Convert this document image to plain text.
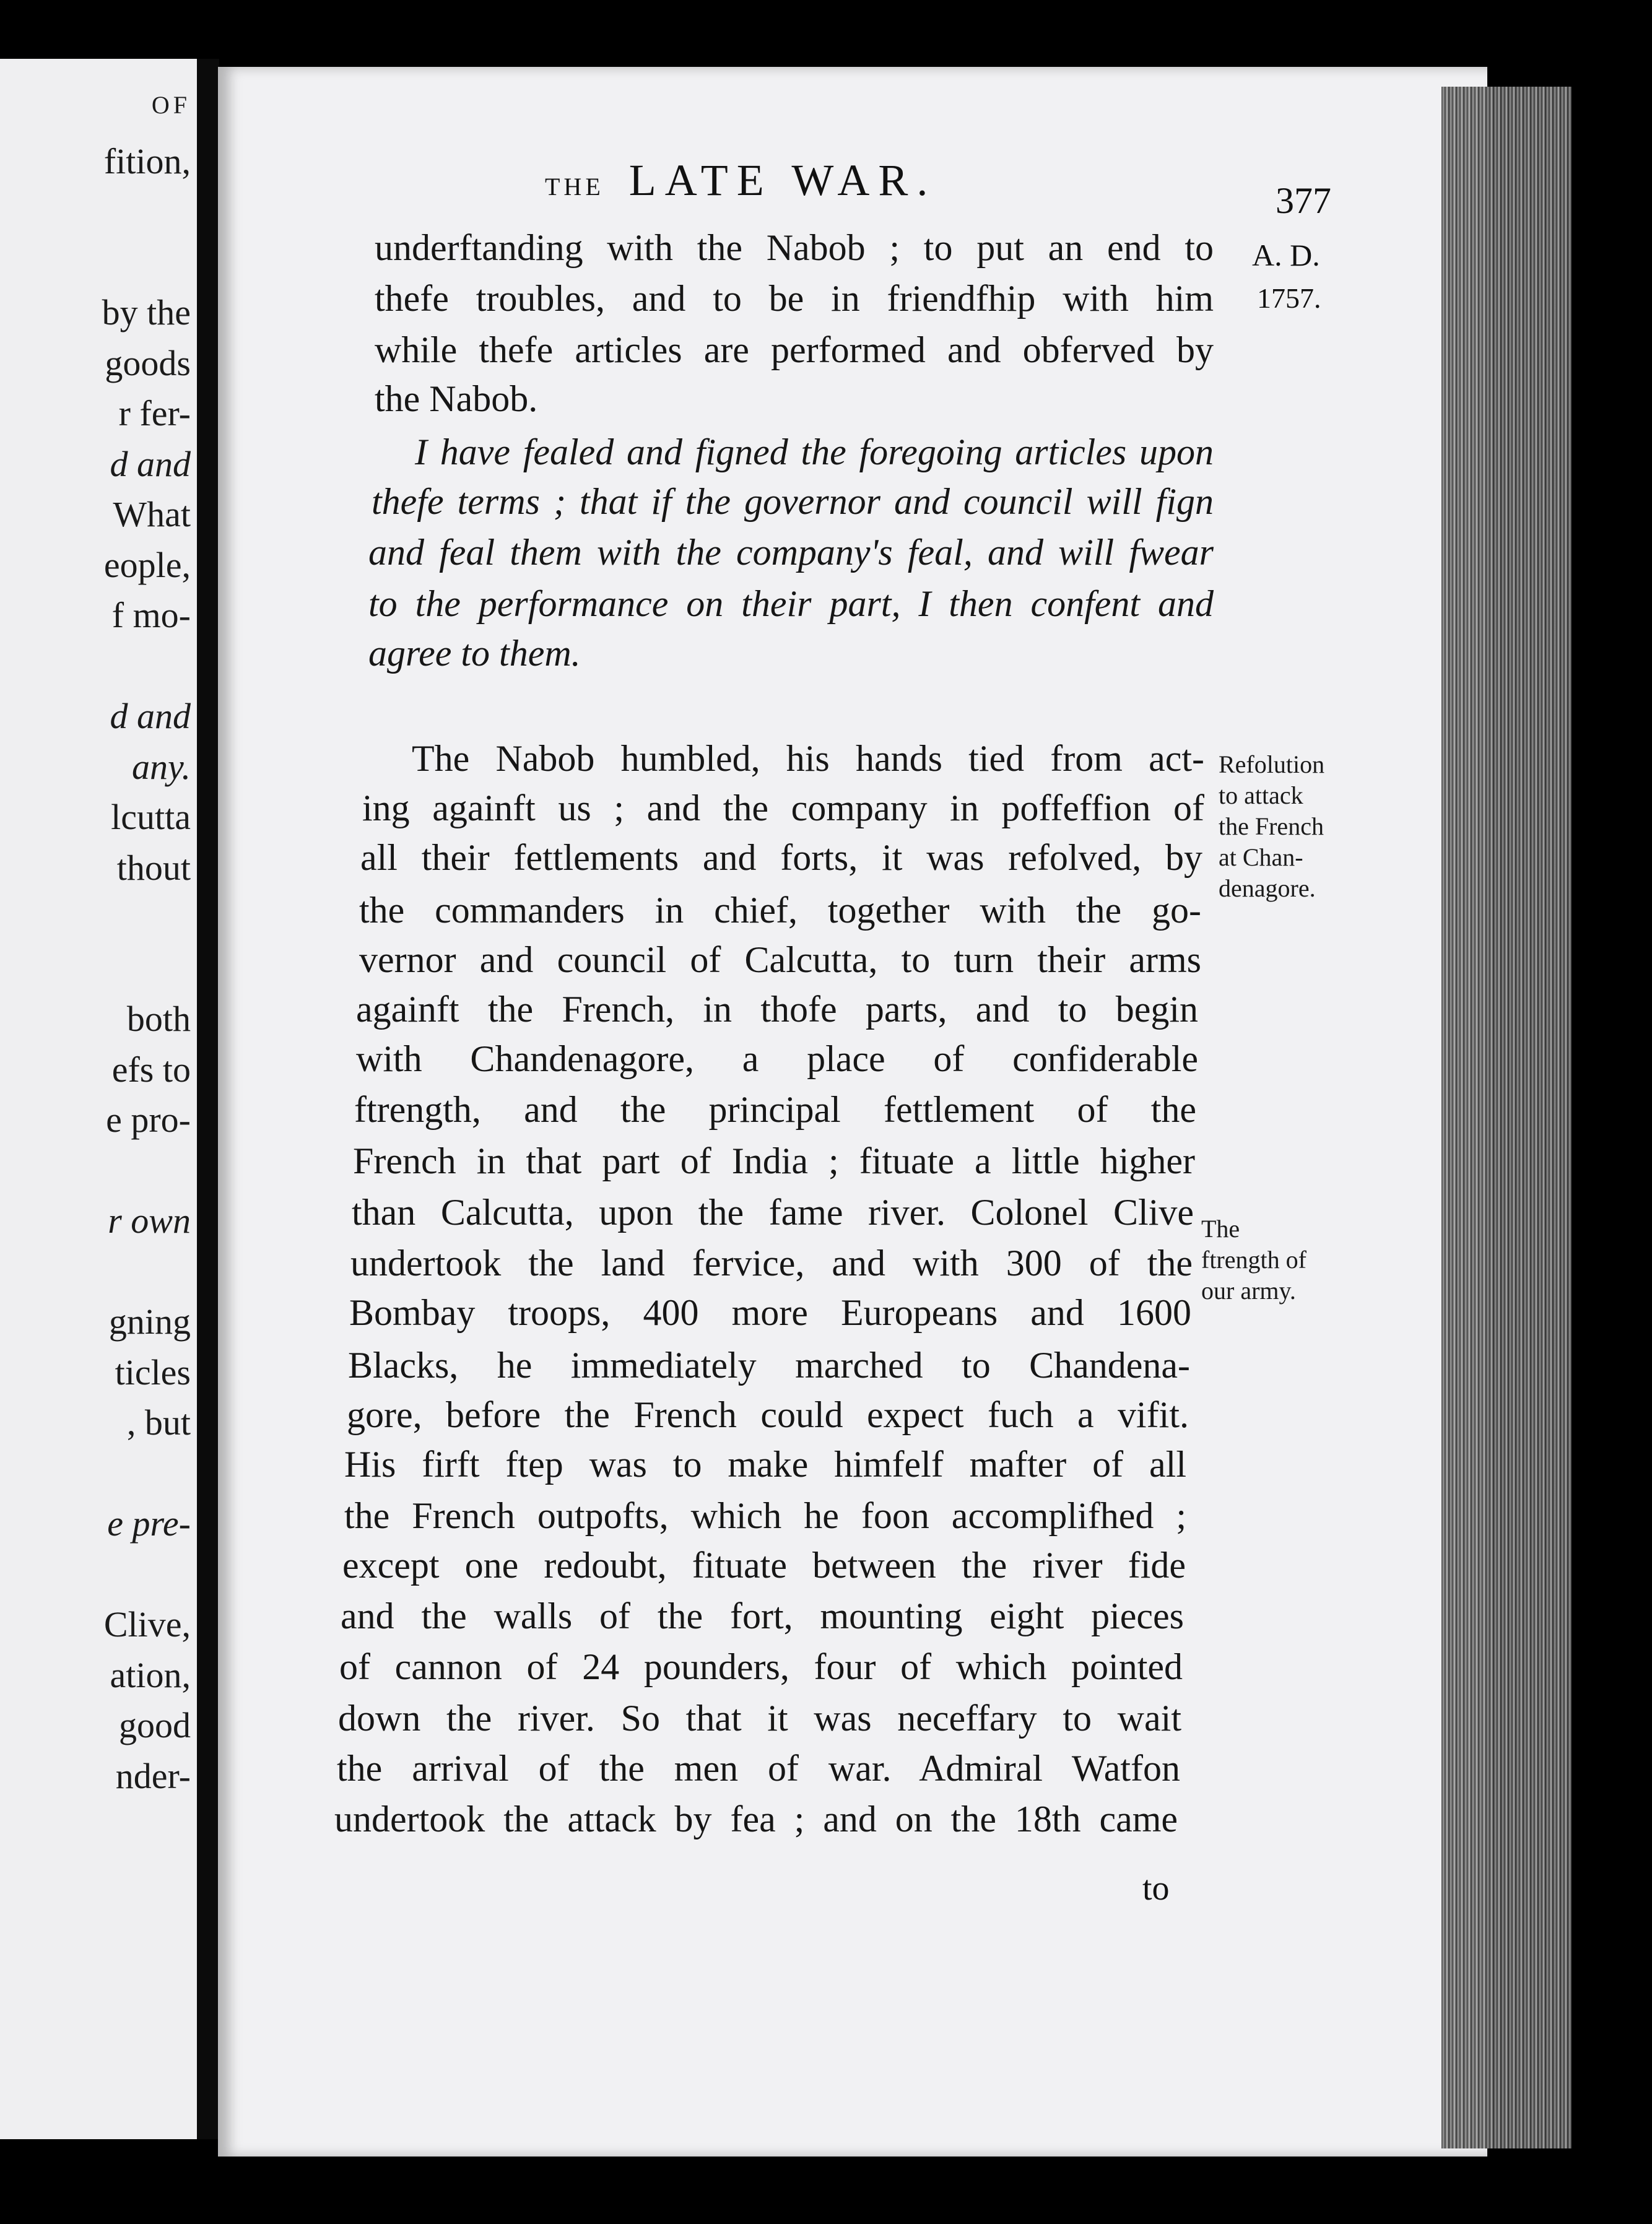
OF
fition,
by the
goods
r fer-
d and
What
eople,
f mo-
d and
any.
lcutta
thout
both
efs to
e pro-
r own
gning
ticles
, but
e pre-
Clive,
ation,
good
nder-
THE LATE WAR.	377
A. D.
1757.
underftanding with the Nabob ; to put an end to
thefe troubles, and to be in friendfhip with him
while thefe articles are performed and obferved by
the Nabob.
I have fealed and figned the foregoing articles upon
thefe terms ; that if the governor and council will fign
and feal them with the company's feal, and will fwear
to the performance on their part, I then confent and
agree to them.
The Nabob humbled, his hands tied from act-
ing againft us ; and the company in poffeffion of
all their fettlements and forts, it was refolved, by
the commanders in chief, together with the go-
vernor and council of Calcutta, to turn their arms
againft the French, in thofe parts, and to begin
with Chandenagore, a place of confiderable
ftrength, and the principal fettlement of the
French in that part of India ; fituate a little higher
than Calcutta, upon the fame river. Colonel Clive
undertook the land fervice, and with 300 of the
Bombay troops, 400 more Europeans and 1600
Blacks, he immediately marched to Chandena-
gore, before the French could expect fuch a vifit.
His firft ftep was to make himfelf mafter of all
the French outpofts, which he foon accomplifhed ;
except one redoubt, fituate between the river fide
and the walls of the fort, mounting eight pieces
of cannon of 24 pounders, four of which pointed
down the river. So that it was neceffary to wait
the arrival of the men of war. Admiral Watfon
undertook the attack by fea ; and on the 18th came
Refolution
to attack
the French
at Chan-
denagore.
The
ftrength of
our army.
to
